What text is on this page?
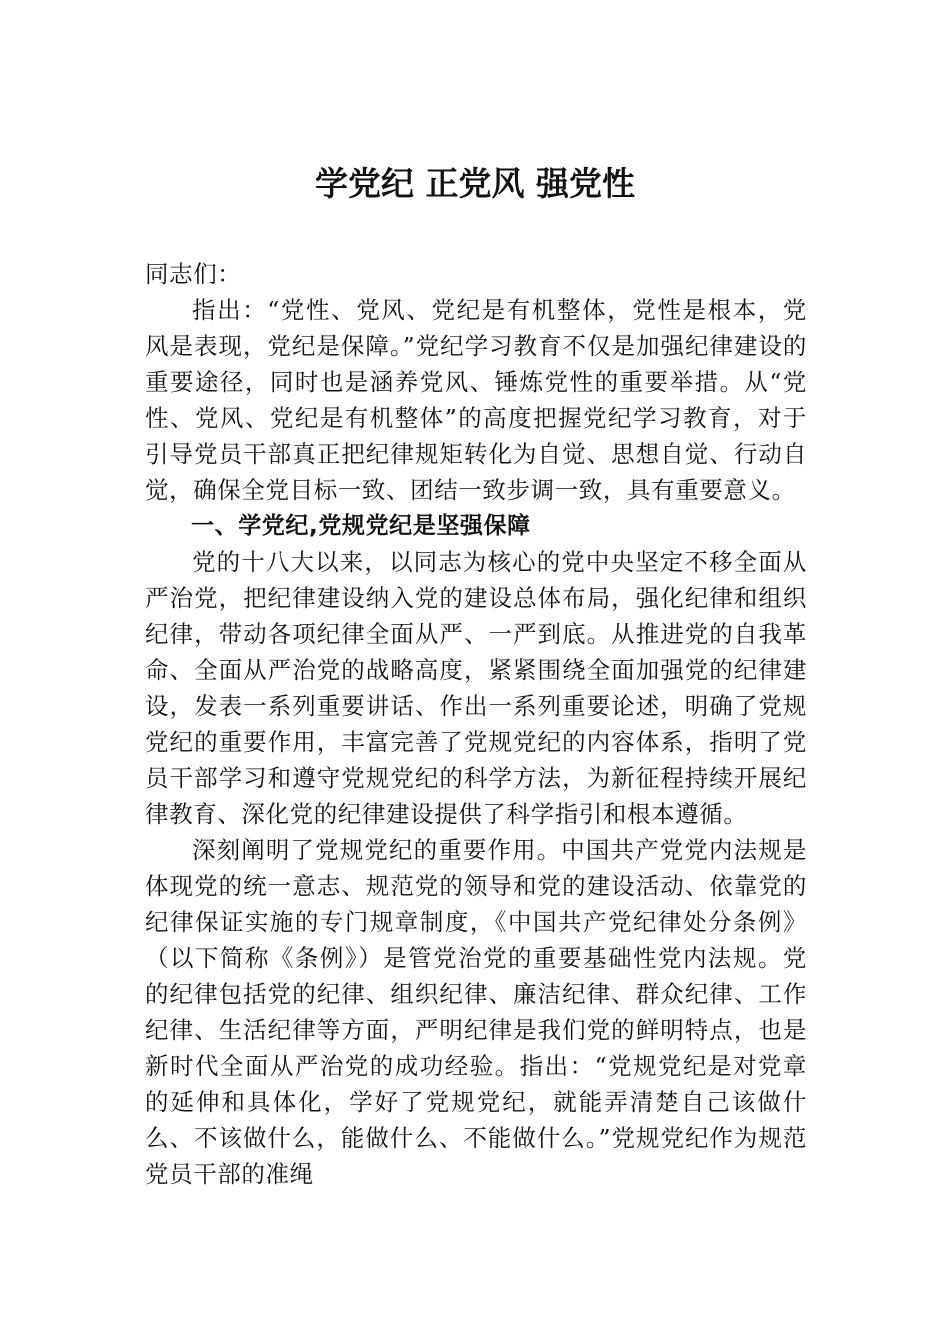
学党纪 正党风 强党性

同志们：

指出：“党性、党风、党纪是有机整体，党性是根本，党风是表现，党纪是保障。”党纪学习教育不仅是加强纪律建设的重要途径，同时也是涵养党风、锤炼党性的重要举措。从“党性、党风、党纪是有机整体”的高度把握党纪学习教育，对于引导党员干部真正把纪律规矩转化为自觉、思想自觉、行动自觉，确保全党目标一致、团结一致步调一致，具有重要意义。

一、学党纪,党规党纪是坚强保障

党的十八大以来，以同志为核心的党中央坚定不移全面从严治党，把纪律建设纳入党的建设总体布局，强化纪律和组织纪律，带动各项纪律全面从严、一严到底。从推进党的自我革命、全面从严治党的战略高度，紧紧围绕全面加强党的纪律建设，发表一系列重要讲话、作出一系列重要论述，明确了党规党纪的重要作用，丰富完善了党规党纪的内容体系，指明了党员干部学习和遵守党规党纪的科学方法，为新征程持续开展纪律教育、深化党的纪律建设提供了科学指引和根本遵循。

深刻阐明了党规党纪的重要作用。中国共产党党内法规是体现党的统一意志、规范党的领导和党的建设活动、依靠党的纪律保证实施的专门规章制度，《中国共产党纪律处分条例》（以下简称《条例》）是管党治党的重要基础性党内法规。党的纪律包括党的纪律、组织纪律、廉洁纪律、群众纪律、工作纪律、生活纪律等方面，严明纪律是我们党的鲜明特点，也是新时代全面从严治党的成功经验。指出：“党规党纪是对党章的延伸和具体化，学好了党规党纪，就能弄清楚自己该做什么、不该做什么，能做什么、不能做什么。”党规党纪作为规范党员干部的准绳
